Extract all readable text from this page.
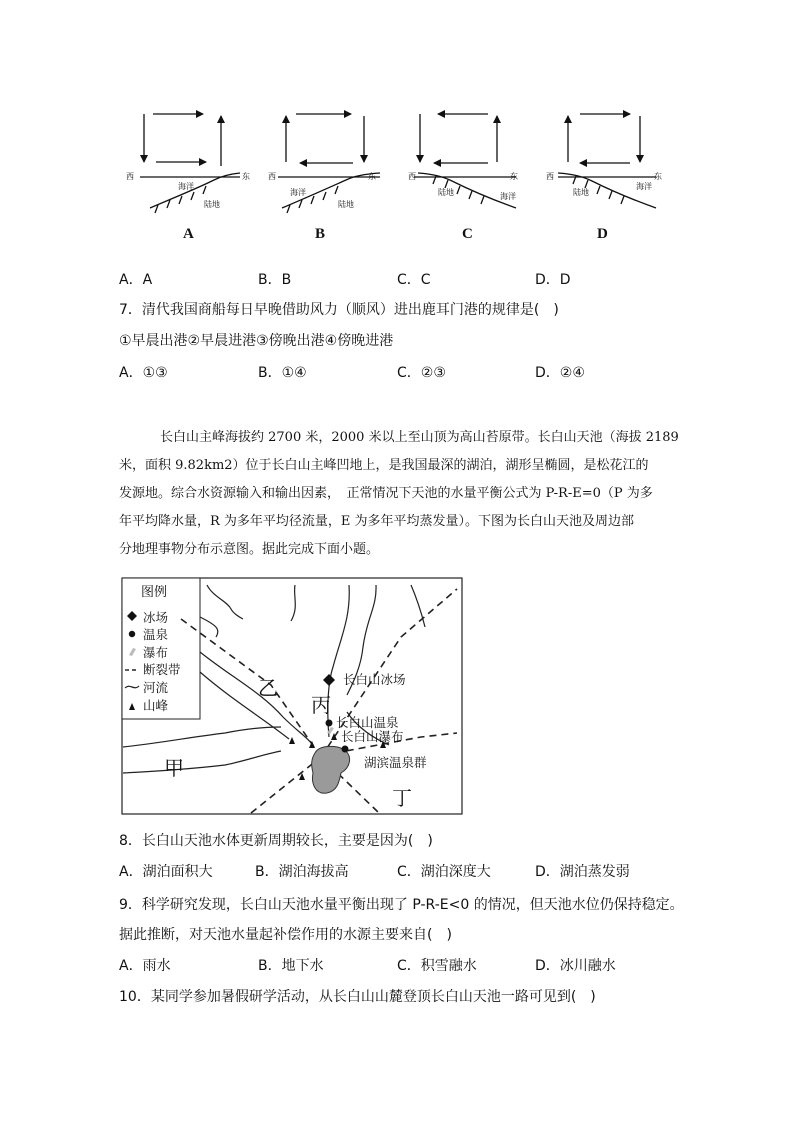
西	东
海洋
陆地
西	东
海洋
陆地
西	东
海洋
陆地
西	东
海洋
陆地
A	B	C	D
A．A	B．B	C．C	D．D
7．清代我国商船每日早晚借助风力（顺风）进出鹿耳门港的规律是(　)
①早晨出港②早晨进港③傍晚出港④傍晚进港
A．①③	B．①④	C．②③	D．②④
长白山主峰海拔约 2700 米，2000 米以上至山顶为高山苔原带。长白山天池（海拔 2189
米，面积 9.82km2）位于长白山主峰凹地上，是我国最深的湖泊，湖形呈椭圆，是松花江的
发源地。综合水资源输入和输出因素，　正常情况下天池的水量平衡公式为 P-R-E=0（P 为多
年平均降水量，R 为多年平均径流量，E 为多年平均蒸发量）。下图为长白山天池及周边部
分地理事物分布示意图。据此完成下面小题。
图例
冰场
温泉
瀑布
断裂带
河流
山峰
乙
丙
甲
丁
长白山冰场
长白山温泉
长白山瀑布
湖滨温泉群
8．长白山天池水体更新周期较长，主要是因为(　)
A．湖泊面积大	B．湖泊海拔高	C．湖泊深度大	D．湖泊蒸发弱
9．科学研究发现，长白山天池水量平衡出现了 P-R-E<0 的情况，但天池水位仍保持稳定。
据此推断，对天池水量起补偿作用的水源主要来自(　)
A．雨水	B．地下水	C．积雪融水	D．冰川融水
10．某同学参加暑假研学活动，从长白山山麓登顶长白山天池一路可见到(　)
